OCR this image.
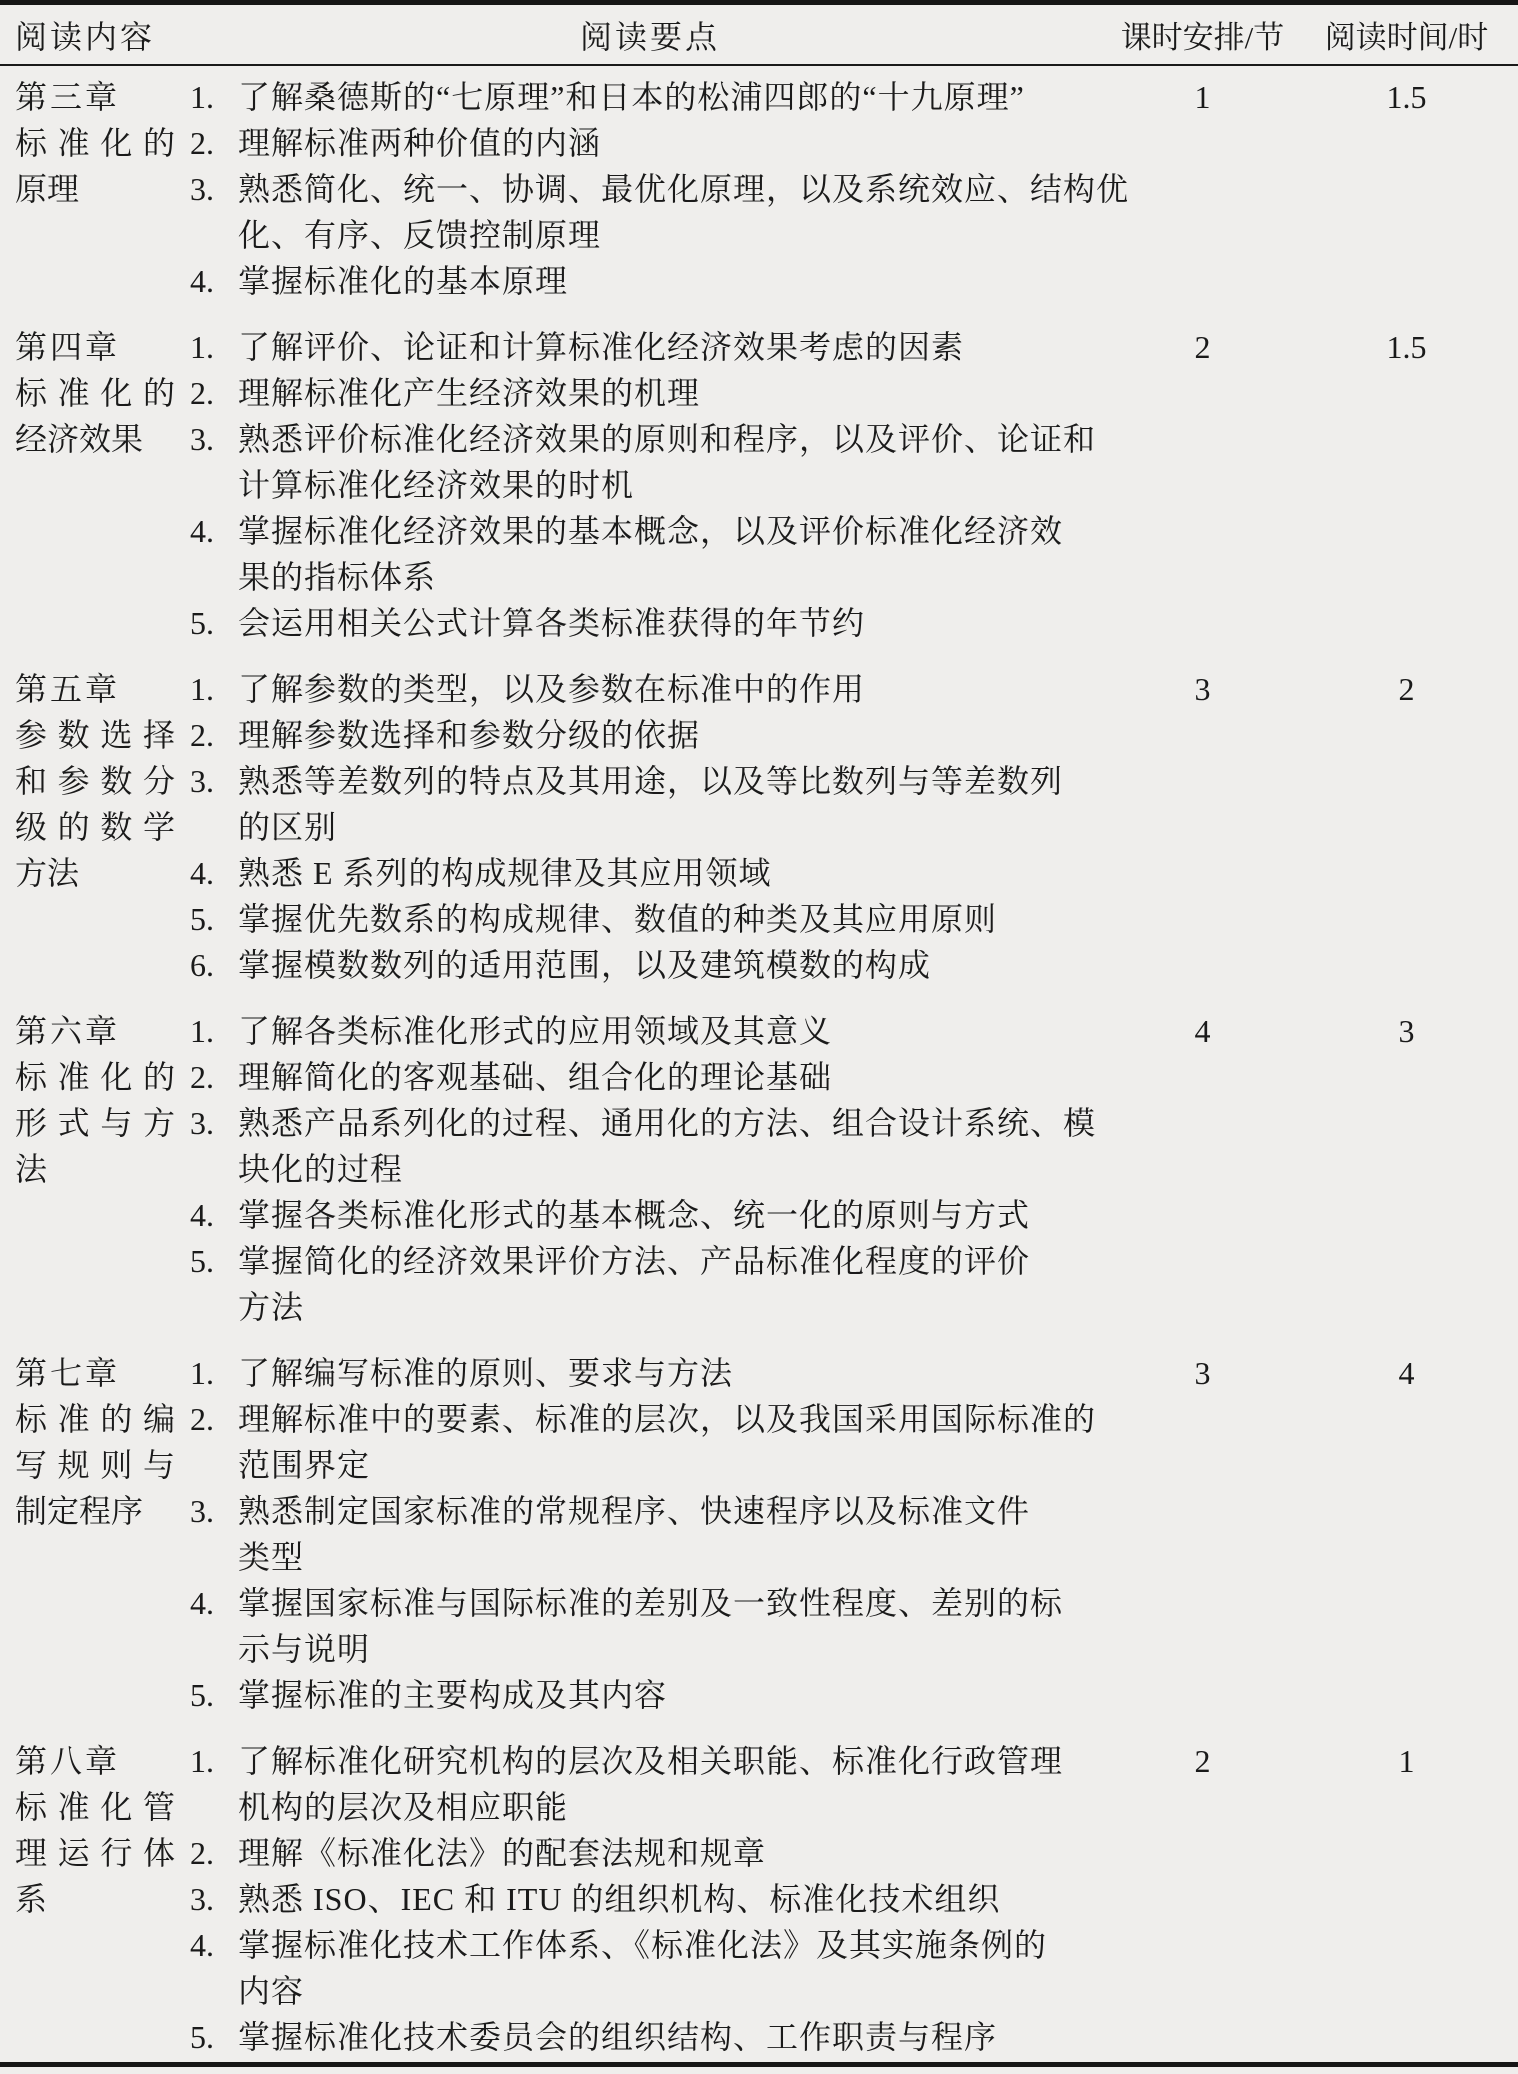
阅读内容	阅读要点	课时安排/节	阅读时间/时
第三章
标 准 化 的
原理
1. 了解桑德斯的“七原理”和日本的松浦四郎的“十九原理”
2. 理解标准两种价值的内涵
3. 熟悉简化、统一、协调、最优化原理，以及系统效应、结构优
化、有序、反馈控制原理
4. 掌握标准化的基本原理
1	1.5
第四章
标 准 化 的
经济效果
1. 了解评价、论证和计算标准化经济效果考虑的因素
2. 理解标准化产生经济效果的机理
3. 熟悉评价标准化经济效果的原则和程序，以及评价、论证和
计算标准化经济效果的时机
4. 掌握标准化经济效果的基本概念，以及评价标准化经济效
果的指标体系
5. 会运用相关公式计算各类标准获得的年节约
2	1.5
第五章
参 数 选 择
和 参 数 分
级 的 数 学
方法
1. 了解参数的类型，以及参数在标准中的作用
2. 理解参数选择和参数分级的依据
3. 熟悉等差数列的特点及其用途，以及等比数列与等差数列
的区别
4. 熟悉 E 系列的构成规律及其应用领域
5. 掌握优先数系的构成规律、数值的种类及其应用原则
6. 掌握模数数列的适用范围，以及建筑模数的构成
3	2
第六章
标 准 化 的
形 式 与 方
法
1. 了解各类标准化形式的应用领域及其意义
2. 理解简化的客观基础、组合化的理论基础
3. 熟悉产品系列化的过程、通用化的方法、组合设计系统、模
块化的过程
4. 掌握各类标准化形式的基本概念、统一化的原则与方式
5. 掌握简化的经济效果评价方法、产品标准化程度的评价
方法
4	3
第七章
标 准 的 编
写 规 则 与
制定程序
1. 了解编写标准的原则、要求与方法
2. 理解标准中的要素、标准的层次，以及我国采用国际标准的
范围界定
3. 熟悉制定国家标准的常规程序、快速程序以及标准文件
类型
4. 掌握国家标准与国际标准的差别及一致性程度、差别的标
示与说明
5. 掌握标准的主要构成及其内容
3	4
第八章
标 准 化 管
理 运 行 体
系
1. 了解标准化研究机构的层次及相关职能、标准化行政管理
机构的层次及相应职能
2. 理解《标准化法》的配套法规和规章
3. 熟悉 ISO、IEC 和 ITU 的组织机构、标准化技术组织
4. 掌握标准化技术工作体系、《标准化法》及其实施条例的
内容
5. 掌握标准化技术委员会的组织结构、工作职责与程序
2	1
